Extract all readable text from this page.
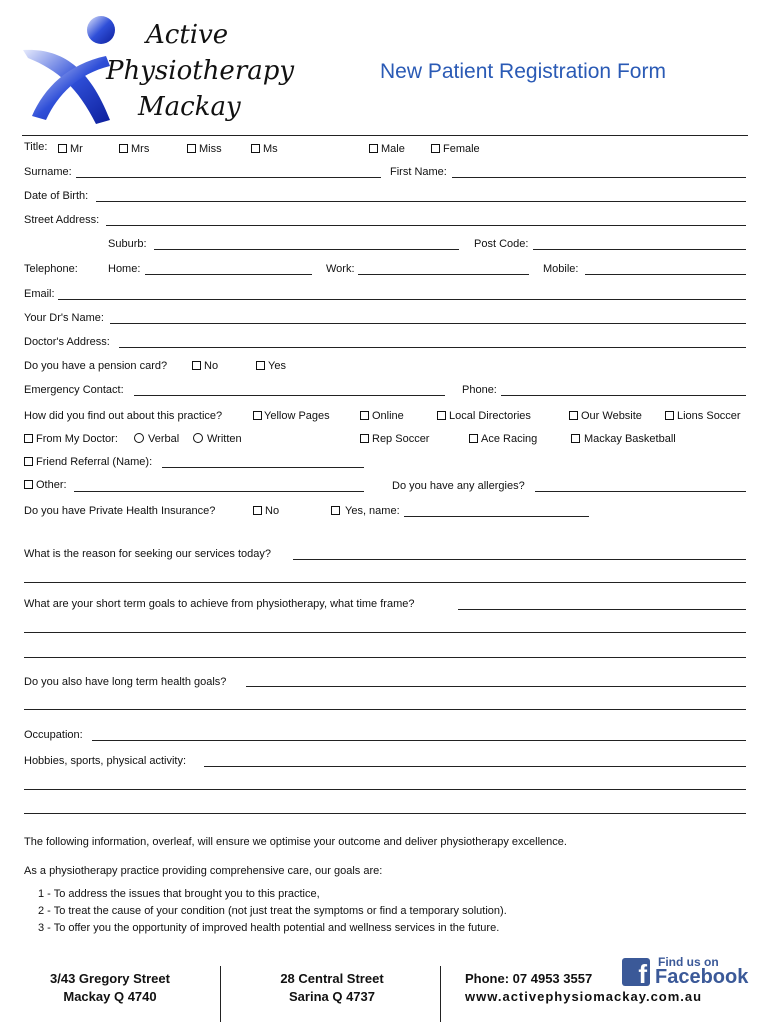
Active
Physiotherapy
Mackay
New Patient Registration Form
Title: Mr	Mrs	Miss	Ms	Male	Female
Surname:	First Name:
Date of Birth:
Street Address:
Suburb:	Post Code:
Telephone:	Home:	Work:	Mobile:
Email:
Your Dr's Name:
Doctor's Address:
Do you have a pension card?	No	Yes
Emergency Contact:	Phone:
How did you find out about this practice?	Yellow Pages	Online	Local Directories	Our Website	Lions Soccer
From My Doctor:	Verbal	Written	Rep Soccer	Ace Racing	Mackay Basketball
Friend Referral (Name):
Other:	Do you have any allergies?
Do you have Private Health Insurance?	No	Yes, name:
What is the reason for seeking our services today?
What are your short term goals to achieve from physiotherapy, what time frame?
Do you also have long term health goals?
Occupation:
Hobbies, sports, physical activity:
The following information, overleaf, will ensure we optimise your outcome and deliver physiotherapy excellence.
As a physiotherapy practice providing comprehensive care, our goals are:
1 - To address the issues that brought you to this practice,
2 - To treat the cause of your condition (not just treat the symptoms or find a temporary solution).
3 - To offer you the opportunity of improved health potential and wellness services in the future.
3/43 Gregory Street
Mackay Q 4740
28 Central Street
Sarina Q 4737
Phone: 07 4953 3557
www.activephysiomackay.com.au
f Find us on
Facebook
